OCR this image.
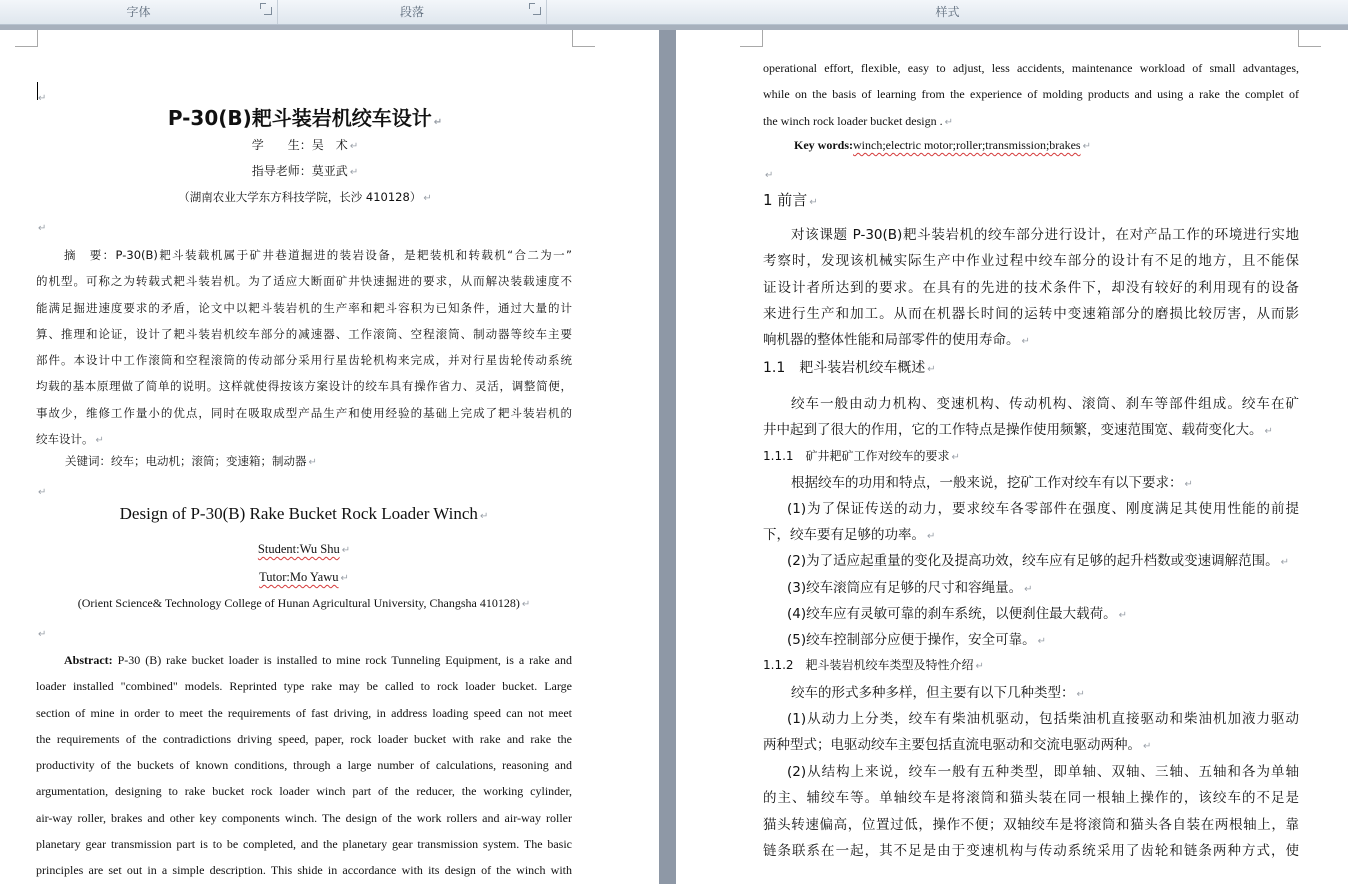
字体	段落	样式
↵
P-30(B)耙斗装岩机绞车设计 ↵
学　　生：吴　术 ↵
指导老师：莫亚武 ↵
（湖南农业大学东方科技学院，长沙 410128） ↵
↵
摘　要：P-30(B)耙斗装载机属于矿井巷道掘进的装岩设备，是耙装机和转载机“合二为一”
的机型。可称之为转载式耙斗装岩机。为了适应大断面矿井快速掘进的要求，从而解决装载速度不
能满足掘进速度要求的矛盾，论文中以耙斗装岩机的生产率和耙斗容积为已知条件，通过大量的计
算、推理和论证，设计了耙斗装岩机绞车部分的减速器、工作滚筒、空程滚筒、制动器等绞车主要
部件。本设计中工作滚筒和空程滚筒的传动部分采用行星齿轮机构来完成，并对行星齿轮传动系统
均载的基本原理做了简单的说明。这样就使得按该方案设计的绞车具有操作省力、灵活，调整简便，
事故少，维修工作量小的优点，同时在吸取成型产品生产和使用经验的基础上完成了耙斗装岩机的
绞车设计。 ↵
关键词：绞车；电动机；滚筒；变速箱；制动器 ↵
↵
Design of P-30(B) Rake Bucket Rock Loader Winch ↵
Student:Wu Shu ↵
Tutor:Mo Yawu ↵
(Orient Science& Technology College of Hunan Agricultural University, Changsha 410128) ↵
↵
Abstract: P-30 (B) rake bucket loader is installed to mine rock Tunneling Equipment, is a rake and
loader installed "combined" models. Reprinted type rake may be called to rock loader bucket. Large
section of mine in order to meet the requirements of fast driving, in address loading speed can not meet
the requirements of the contradictions driving speed, paper, rock loader bucket with rake and rake the
productivity of the buckets of known conditions, through a large number of calculations, reasoning and
argumentation, designing to rake bucket rock loader winch part of the reducer, the working cylinder,
air-way roller, brakes and other key components winch. The design of the work rollers and air-way roller
planetary gear transmission part is to be completed, and the planetary gear transmission system. The basic
principles are set out in a simple description. This shide in accordance with its design of the winch with
operational effort, flexible, easy to adjust, less accidents, maintenance workload of small advantages,
while on the basis of learning from the experience of molding products and using a rake the complet of
the winch rock loader bucket design . ↵
Key words:winch;electric motor;roller;transmission;brakes ↵
↵
1 前言 ↵
对该课题 P-30(B)耙斗装岩机的绞车部分进行设计，在对产品工作的环境进行实地
考察时，发现该机械实际生产中作业过程中绞车部分的设计有不足的地方，且不能保
证设计者所达到的要求。在具有的先进的技术条件下，却没有较好的利用现有的设备
来进行生产和加工。从而在机器长时间的运转中变速箱部分的磨损比较厉害，从而影
响机器的整体性能和局部零件的使用寿命。 ↵
1.1　耙斗装岩机绞车概述 ↵
绞车一般由动力机构、变速机构、传动机构、滚筒、刹车等部件组成。绞车在矿
井中起到了很大的作用，它的工作特点是操作使用频繁，变速范围宽、载荷变化大。 ↵
1.1.1　矿井耙矿工作对绞车的要求 ↵
根据绞车的功用和特点，一般来说，挖矿工作对绞车有以下要求： ↵
(1)为了保证传送的动力，要求绞车各零部件在强度、刚度满足其使用性能的前提
下，绞车要有足够的功率。 ↵
(2)为了适应起重量的变化及提高功效，绞车应有足够的起升档数或变速调解范围。 ↵
(3)绞车滚筒应有足够的尺寸和容绳量。 ↵
(4)绞车应有灵敏可靠的刹车系统，以便刹住最大载荷。 ↵
(5)绞车控制部分应便于操作，安全可靠。 ↵
1.1.2　耙斗装岩机绞车类型及特性介绍 ↵
绞车的形式多种多样，但主要有以下几种类型： ↵
(1)从动力上分类，绞车有柴油机驱动，包括柴油机直接驱动和柴油机加液力驱动
两种型式；电驱动绞车主要包括直流电驱动和交流电驱动两种。 ↵
(2)从结构上来说，绞车一般有五种类型，即单轴、双轴、三轴、五轴和各为单轴
的主、辅绞车等。单轴绞车是将滚筒和猫头装在同一根轴上操作的，该绞车的不足是
猫头转速偏高，位置过低，操作不便；双轴绞车是将滚筒和猫头各自装在两根轴上，靠
链条联系在一起，其不足是由于变速机构与传动系统采用了齿轮和链条两种方式，使
